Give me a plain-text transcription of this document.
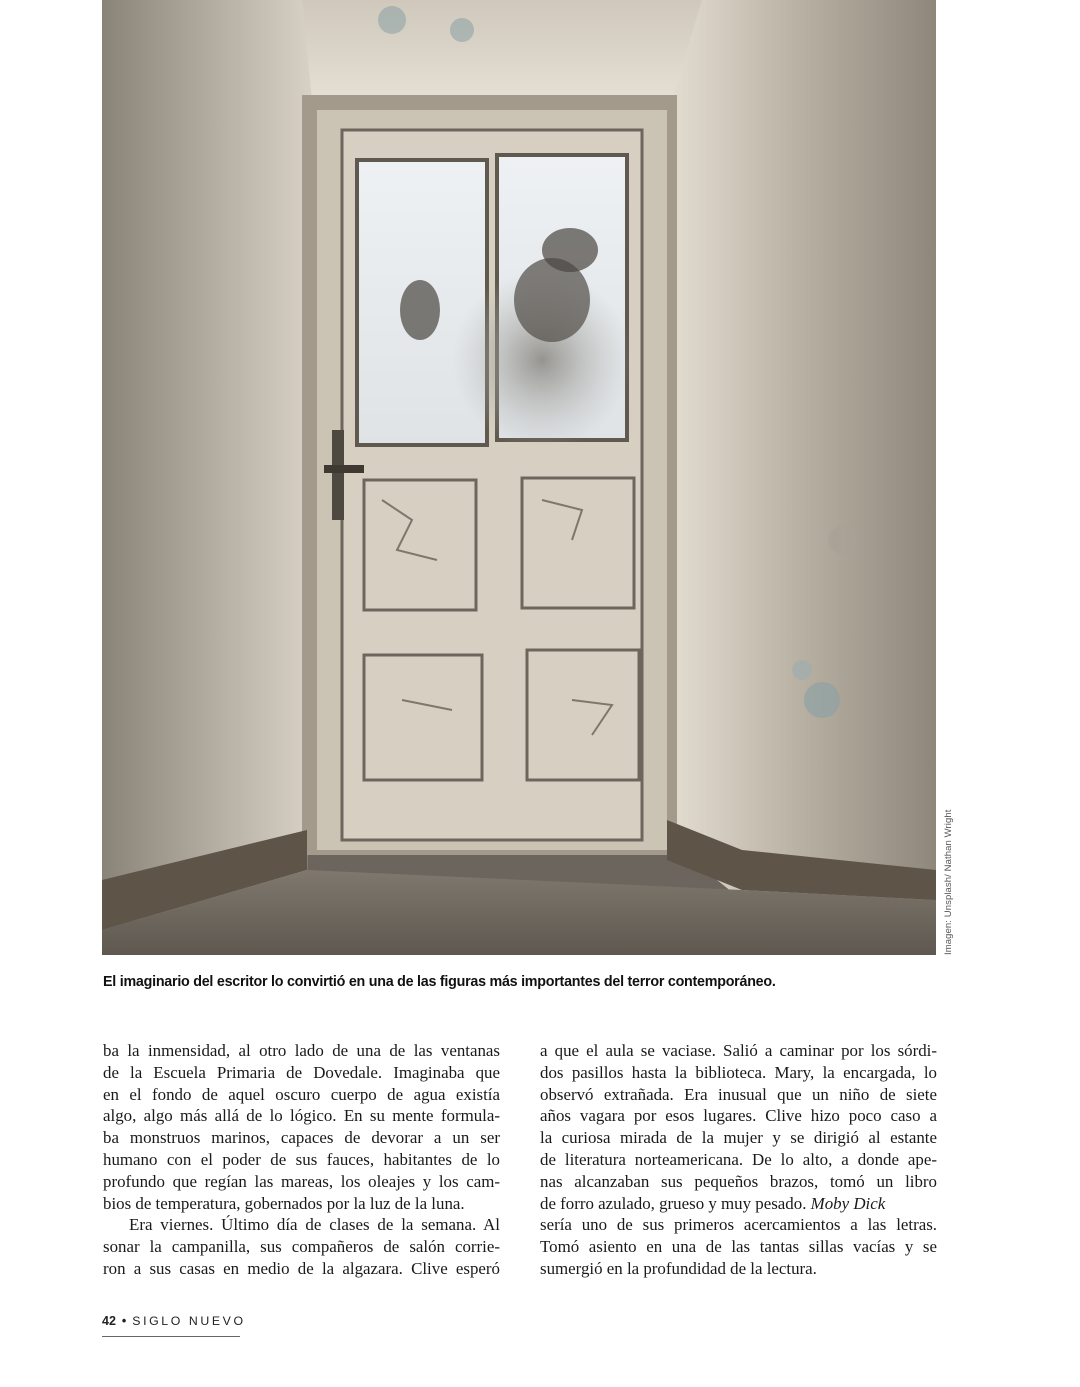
Imagen: Unsplash/ Nathan Wright
El imaginario del escritor lo convirtió en una de las figuras más importantes del terror contemporáneo.
ba la inmensidad, al otro lado de una de las ventanas
de la Escuela Primaria de Dovedale. Imaginaba que
en el fondo de aquel oscuro cuerpo de agua existía
algo, algo más allá de lo lógico. En su mente formula-
ba monstruos marinos, capaces de devorar a un ser
humano con el poder de sus fauces, habitantes de lo
profundo que regían las mareas, los oleajes y los cam-
bios de temperatura, gobernados por la luz de la luna.
Era viernes. Último día de clases de la semana. Al
sonar la campanilla, sus compañeros de salón corrie-
ron a sus casas en medio de la algazara. Clive esperó
a que el aula se vaciase. Salió a caminar por los sórdi-
dos pasillos hasta la biblioteca. Mary, la encargada, lo
observó extrañada. Era inusual que un niño de siete
años vagara por esos lugares. Clive hizo poco caso a
la curiosa mirada de la mujer y se dirigió al estante
de literatura norteamericana. De lo alto, a donde ape-
nas alcanzaban sus pequeños brazos, tomó un libro
de forro azulado, grueso y muy pesado. Moby Dick
sería uno de sus primeros acercamientos a las letras.
Tomó asiento en una de las tantas sillas vacías y se
sumergió en la profundidad de la lectura.
42 • SIGLO NUEVO
